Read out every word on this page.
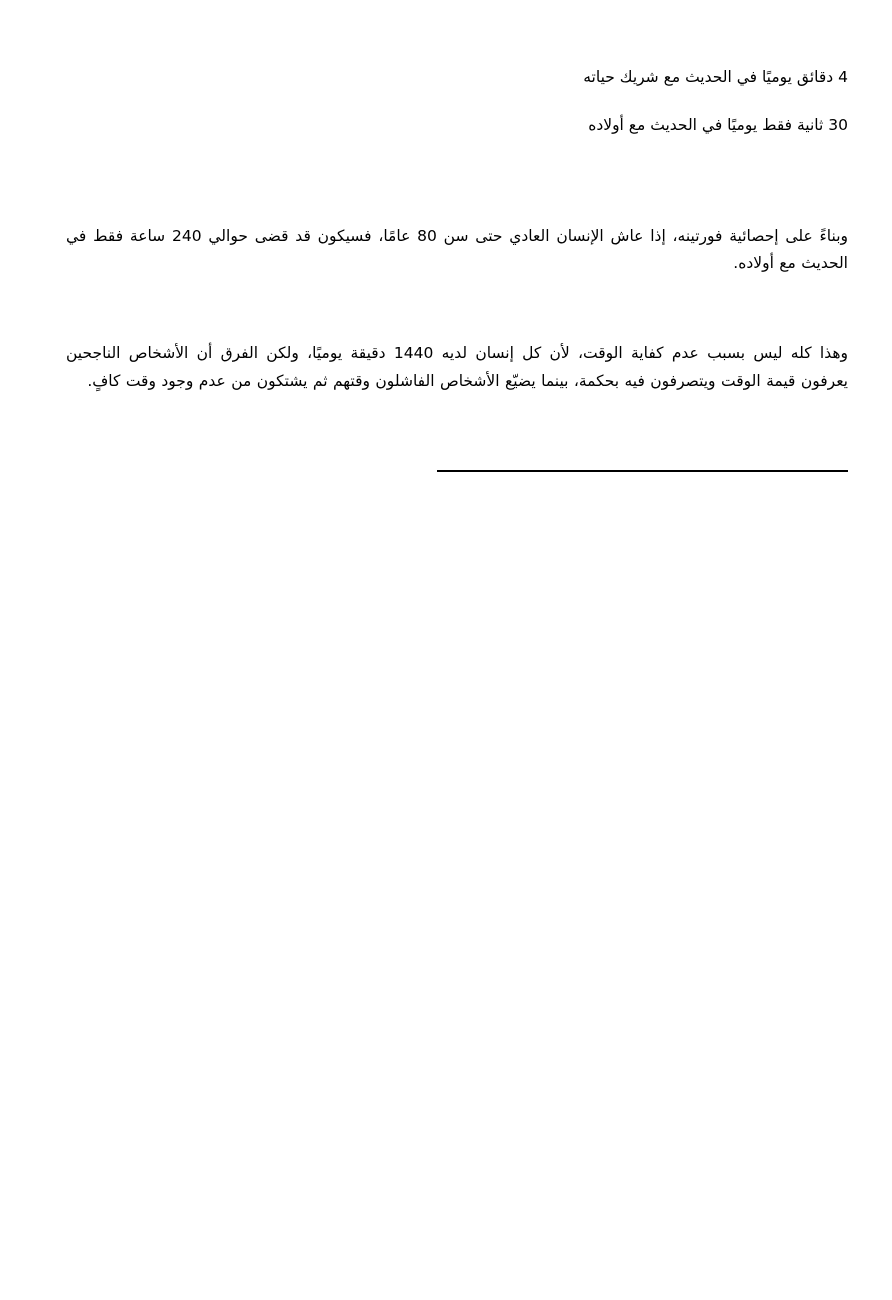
4 دقائق يوميًا في الحديث مع شريك حياته

30 ثانية فقط يوميًا في الحديث مع أولاده

وبناءً على إحصائية فورتينه، إذا عاش الإنسان العادي حتى سن 80 عامًا، فسيكون قد قضى حوالي 240 ساعة فقط في الحديث مع أولاده.

وهذا كله ليس بسبب عدم كفاية الوقت، لأن كل إنسان لديه 1440 دقيقة يوميًا، ولكن الفرق أن الأشخاص الناجحين يعرفون قيمة الوقت ويتصرفون فيه بحكمة، بينما يضيّع الأشخاص الفاشلون وقتهم ثم يشتكون من عدم وجود وقت كافٍ.
